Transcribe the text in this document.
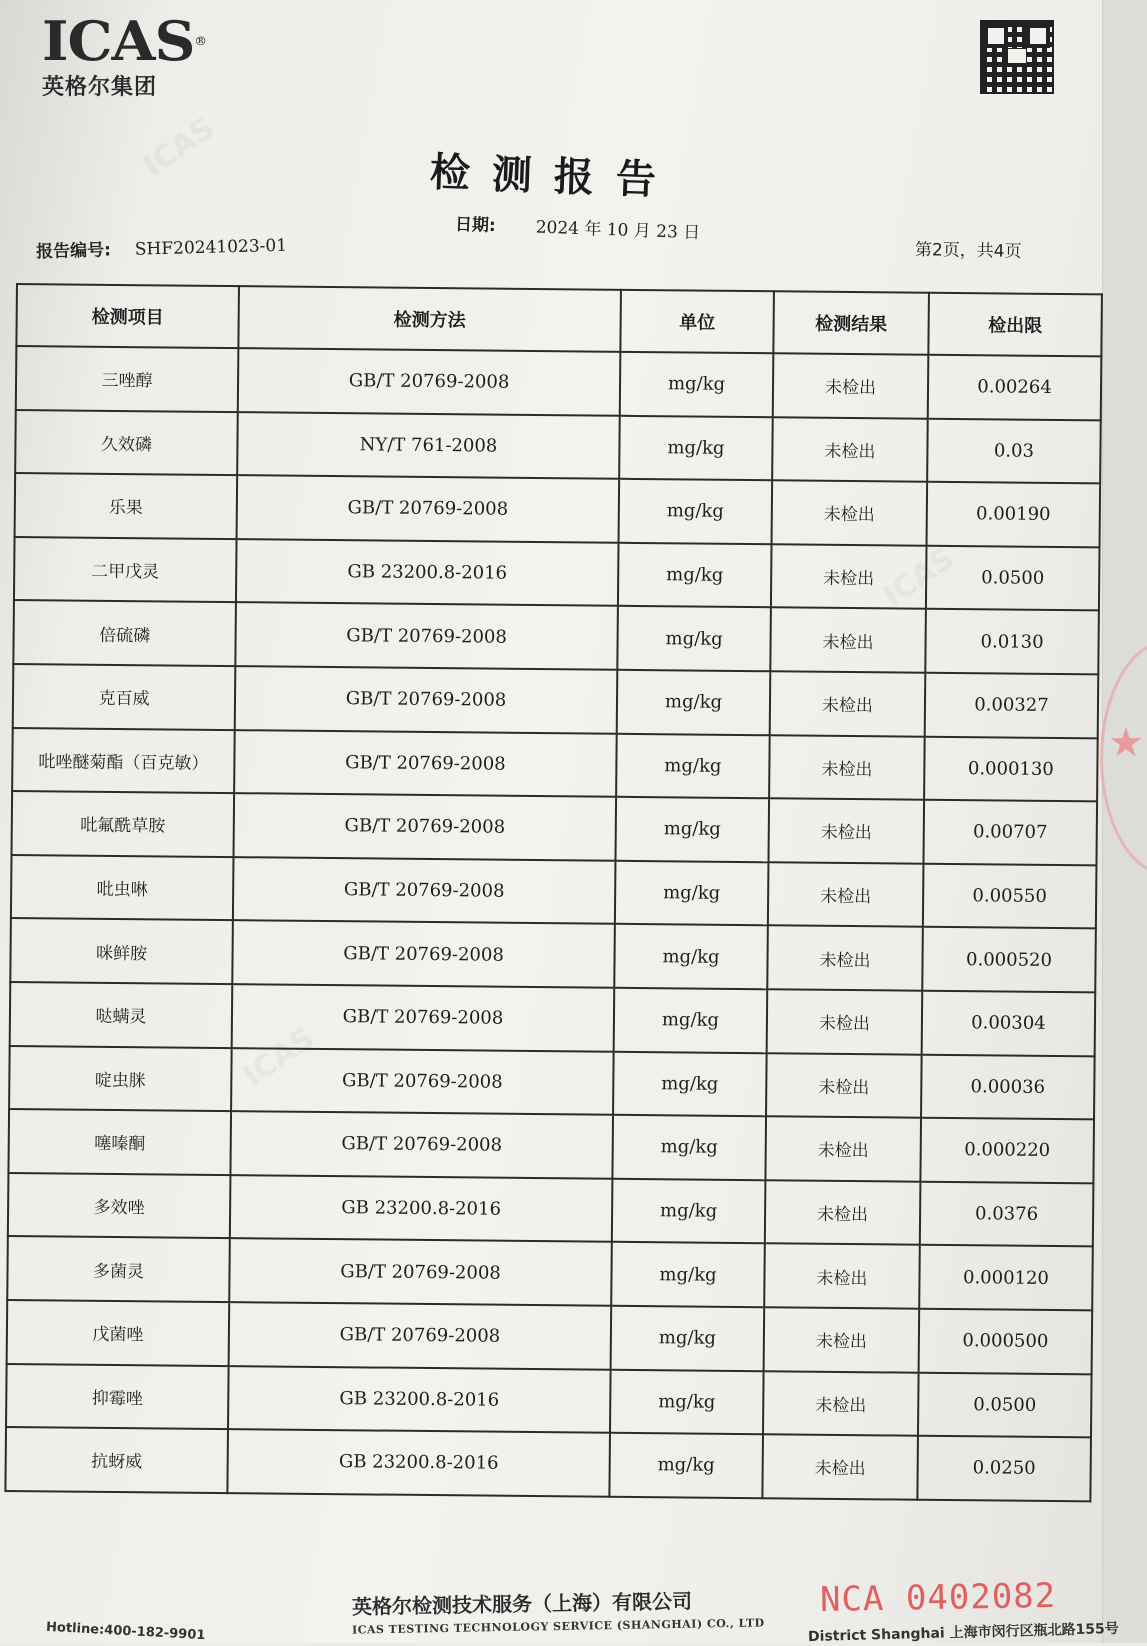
ICAS
ICAS
ICAS
★
ICAS®
英格尔集团
检测报告
报告编号: SHF20241023-01
日期: 2024 年 10 月 23 日
第2页，共4页
检测项目	检测方法	单位	检测结果	检出限
三唑醇	GB/T 20769-2008	mg/kg	未检出	0.00264
久效磷	NY/T 761-2008	mg/kg	未检出	0.03
乐果	GB/T 20769-2008	mg/kg	未检出	0.00190
二甲戊灵	GB 23200.8-2016	mg/kg	未检出	0.0500
倍硫磷	GB/T 20769-2008	mg/kg	未检出	0.0130
克百威	GB/T 20769-2008	mg/kg	未检出	0.00327
吡唑醚菊酯（百克敏）	GB/T 20769-2008	mg/kg	未检出	0.000130
吡氟酰草胺	GB/T 20769-2008	mg/kg	未检出	0.00707
吡虫啉	GB/T 20769-2008	mg/kg	未检出	0.00550
咪鲜胺	GB/T 20769-2008	mg/kg	未检出	0.000520
哒螨灵	GB/T 20769-2008	mg/kg	未检出	0.00304
啶虫脒	GB/T 20769-2008	mg/kg	未检出	0.00036
噻嗪酮	GB/T 20769-2008	mg/kg	未检出	0.000220
多效唑	GB 23200.8-2016	mg/kg	未检出	0.0376
多菌灵	GB/T 20769-2008	mg/kg	未检出	0.000120
戊菌唑	GB/T 20769-2008	mg/kg	未检出	0.000500
抑霉唑	GB 23200.8-2016	mg/kg	未检出	0.0500
抗蚜威	GB 23200.8-2016	mg/kg	未检出	0.0250
NCA 0402082
英格尔检测技术服务（上海）有限公司
ICAS TESTING TECHNOLOGY SERVICE (SHANGHAI) CO., LTD
Hotline:400-182-9901	District Shanghai 上海市闵行区瓶北路155号
